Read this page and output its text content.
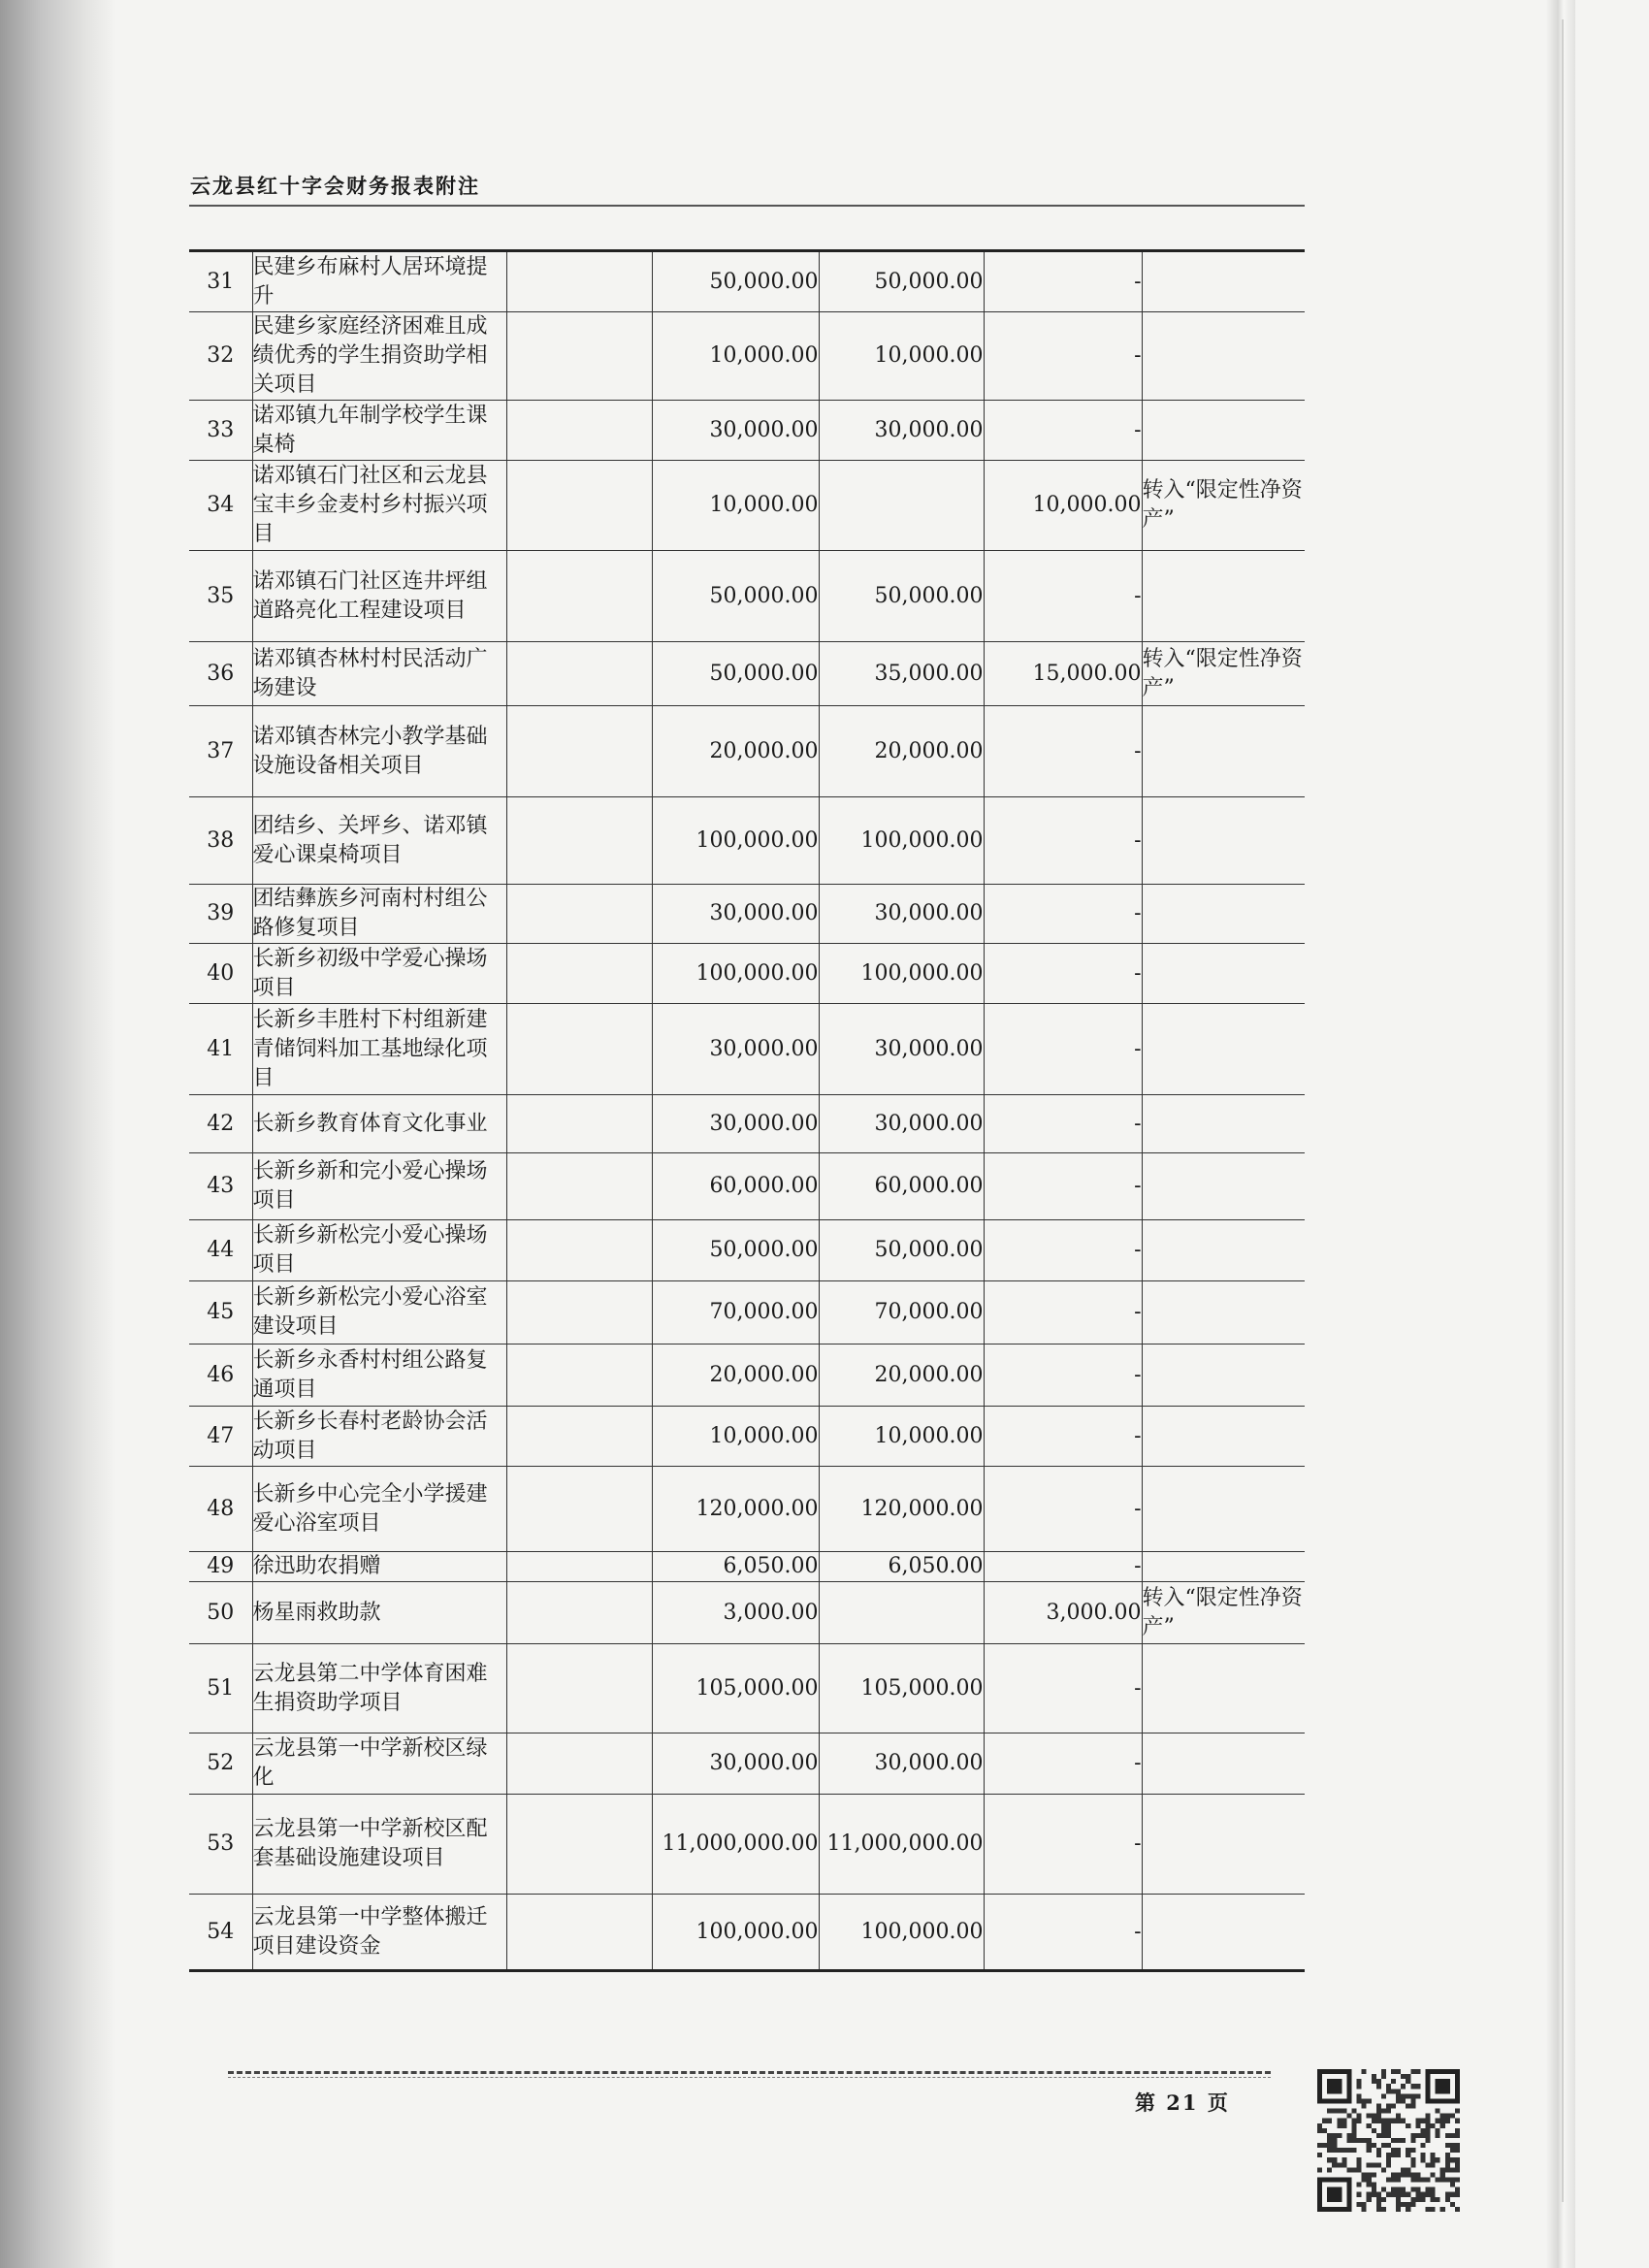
云龙县红十字会财务报表附注
31	民建乡布麻村人居环境提升		50,000.00	50,000.00	-	
32	民建乡家庭经济困难且成绩优秀的学生捐资助学相关项目		10,000.00	10,000.00	-	
33	诺邓镇九年制学校学生课桌椅		30,000.00	30,000.00	-	
34	诺邓镇石门社区和云龙县宝丰乡金麦村乡村振兴项目		10,000.00		10,000.00	转入“限定性净资产”
35	诺邓镇石门社区连井坪组道路亮化工程建设项目		50,000.00	50,000.00	-	
36	诺邓镇杏林村村民活动广场建设		50,000.00	35,000.00	15,000.00	转入“限定性净资产”
37	诺邓镇杏林完小教学基础设施设备相关项目		20,000.00	20,000.00	-	
38	团结乡、关坪乡、诺邓镇爱心课桌椅项目		100,000.00	100,000.00	-	
39	团结彝族乡河南村村组公路修复项目		30,000.00	30,000.00	-	
40	长新乡初级中学爱心操场项目		100,000.00	100,000.00	-	
41	长新乡丰胜村下村组新建青储饲料加工基地绿化项目		30,000.00	30,000.00	-	
42	长新乡教育体育文化事业		30,000.00	30,000.00	-	
43	长新乡新和完小爱心操场项目		60,000.00	60,000.00	-	
44	长新乡新松完小爱心操场项目		50,000.00	50,000.00	-	
45	长新乡新松完小爱心浴室建设项目		70,000.00	70,000.00	-	
46	长新乡永香村村组公路复通项目		20,000.00	20,000.00	-	
47	长新乡长春村老龄协会活动项目		10,000.00	10,000.00	-	
48	长新乡中心完全小学援建爱心浴室项目		120,000.00	120,000.00	-	
49	徐迅助农捐赠		6,050.00	6,050.00	-	
50	杨星雨救助款		3,000.00		3,000.00	转入“限定性净资产”
51	云龙县第二中学体育困难生捐资助学项目		105,000.00	105,000.00	-	
52	云龙县第一中学新校区绿化		30,000.00	30,000.00	-	
53	云龙县第一中学新校区配套基础设施建设项目		11,000,000.00	11,000,000.00	-	
54	云龙县第一中学整体搬迁项目建设资金		100,000.00	100,000.00	-	
第 21 页
